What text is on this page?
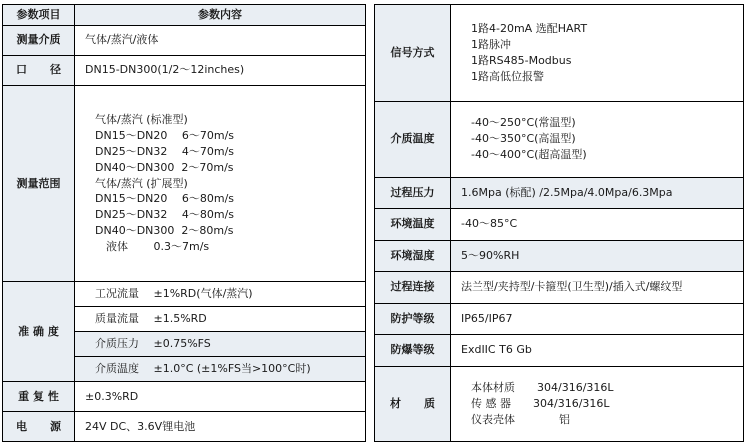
参数项目	参数内容
测量介质	气体/蒸汽/液体
口　径	DN15-DN300(1/2～12inches)
测量范围	
气体/蒸汽 (标准型)
DN15～DN20　 6～70m/s
DN25～DN32　 4～70m/s
DN40～DN300  2～70m/s
气体/蒸汽 (扩展型)
DN15～DN20　 6～80m/s
DN25～DN32　 4～80m/s
DN40～DN300  2～80m/s
　液体　　 0.3～7m/s

准 确 度	工况流量　 ±1%RD(气体/蒸汽)
	质量流量　 ±1.5%RD
	介质压力　 ±0.75%FS
	介质温度　 ±1.0°C (±1%FS当>100°C时)
重 复 性	±0.3%RD
电　源	24V DC、3.6V锂电池
信号方式	1路4-20mA 选配HART
1路脉冲
1路RS485-Modbus
1路高低位报警

介质温度	-40～250°C(常温型)
-40～350°C(高温型)
-40～400°C(超高温型)

过程压力	1.6Mpa (标配) /2.5Mpa/4.0Mpa/6.3Mpa
环境温度	-40～85°C
环境湿度	5～90%RH
过程连接	法兰型/夹持型/卡箍型(卫生型)/插入式/螺纹型
防护等级	IP65/IP67
防爆等级	ExdIIC T6 Gb
材　质	本体材质　　 304/316/316L
传 感 器　　 304/316/316L
仪表壳体　　　　 铝
